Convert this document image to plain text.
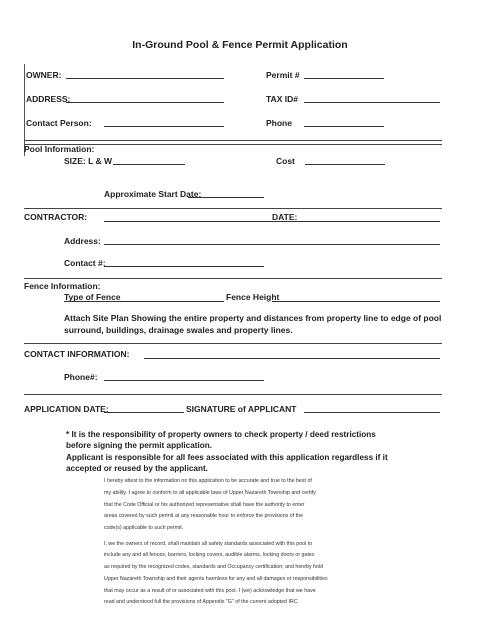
In-Ground Pool & Fence Permit Application
OWNER:	Permit #
ADDRESS:	TAX ID#
Contact Person:	Phone
Pool Information:
SIZE: L & W	Cost
Approximate Start Date:
CONTRACTOR:	DATE:
Address:
Contact #:
Fence Information:
Type of Fence	Fence Height
Attach Site Plan Showing the entire property and distances from property line to edge of pool
surround, buildings, drainage swales and property lines.
CONTACT INFORMATION:
Phone#:
APPLICATION DATE:	SIGNATURE of APPLICANT
* It is the responsibility of property owners to check property / deed restrictions
before signing the permit application.
Applicant is responsible for all fees associated with this application regardless if it
accepted or reused by the applicant.
I hereby attest to the information on this application to be accurate and true to the best of
my ability. I agree to conform to all applicable laws of Upper Nazareth Township and certify
that the Code Official or his authorized representative shall have the authority to enter
areas covered by such permit at any reasonable hour to enforce the provisions of the
code(s) applicable to such permit.
I, we the owners of record, shall maintain all safety standards associated with this pool to
include any and all fences, barriers, locking covers, audible alarms, locking doors or gates
as required by the recognized codes, standards and Occupancy certification; and hereby hold
Upper Nazareth Township and their agents harmless for any and all damages or responsibilities
that may occur as a result of or associated with this pool. I (we) acknowledge that we have
read and understood full the provisions of Appendix "G" of the current adopted IRC
